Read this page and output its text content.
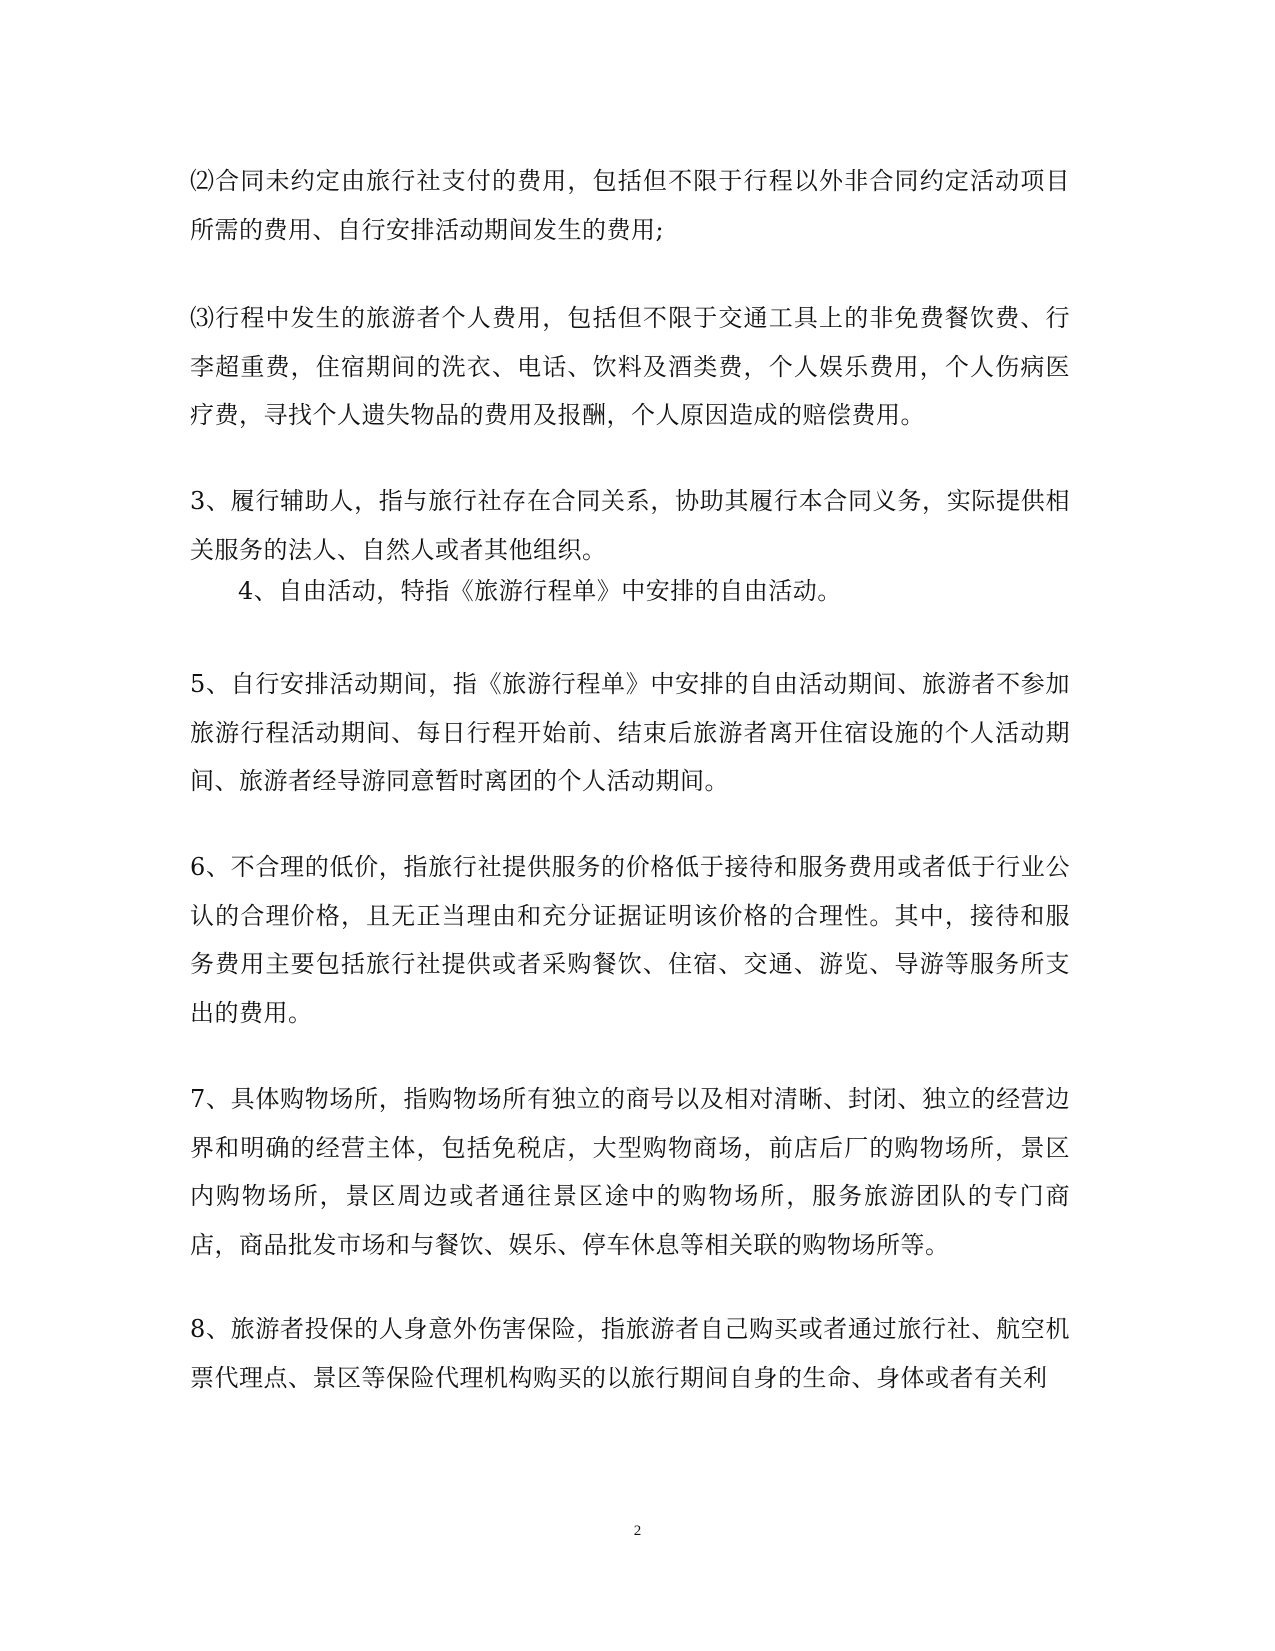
⑵合同未约定由旅行社支付的费用，包括但不限于行程以外非合同约定活动项目所需的费用、自行安排活动期间发生的费用;

⑶行程中发生的旅游者个人费用，包括但不限于交通工具上的非免费餐饮费、行李超重费，住宿期间的洗衣、电话、饮料及酒类费，个人娱乐费用，个人伤病医疗费，寻找个人遗失物品的费用及报酬，个人原因造成的赔偿费用。

3、履行辅助人，指与旅行社存在合同关系，协助其履行本合同义务，实际提供相关服务的法人、自然人或者其他组织。

4、自由活动，特指《旅游行程单》中安排的自由活动。

5、自行安排活动期间，指《旅游行程单》中安排的自由活动期间、旅游者不参加旅游行程活动期间、每日行程开始前、结束后旅游者离开住宿设施的个人活动期间、旅游者经导游同意暂时离团的个人活动期间。

6、不合理的低价，指旅行社提供服务的价格低于接待和服务费用或者低于行业公认的合理价格，且无正当理由和充分证据证明该价格的合理性。其中，接待和服务费用主要包括旅行社提供或者采购餐饮、住宿、交通、游览、导游等服务所支出的费用。

7、具体购物场所，指购物场所有独立的商号以及相对清晰、封闭、独立的经营边界和明确的经营主体，包括免税店，大型购物商场，前店后厂的购物场所，景区内购物场所，景区周边或者通往景区途中的购物场所，服务旅游团队的专门商店，商品批发市场和与餐饮、娱乐、停车休息等相关联的购物场所等。

8、旅游者投保的人身意外伤害保险，指旅游者自己购买或者通过旅行社、航空机票代理点、景区等保险代理机构购买的以旅行期间自身的生命、身体或者有关利

2
